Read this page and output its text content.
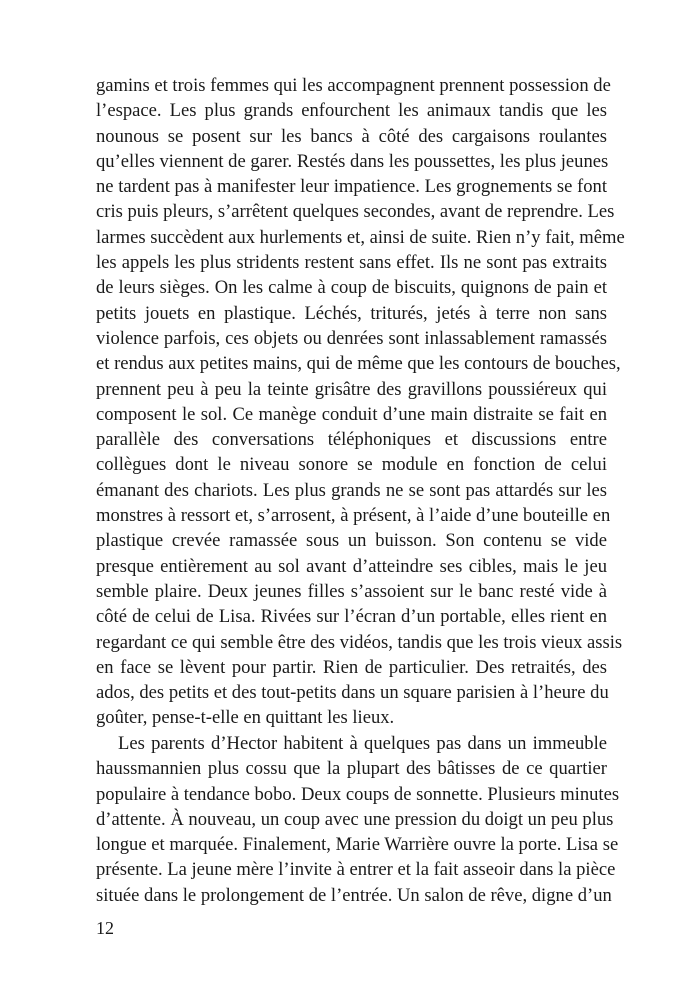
gamins et trois femmes qui les accompagnent prennent possession de
l’espace. Les plus grands enfourchent les animaux tandis que les
nounous se posent sur les bancs à côté des cargaisons roulantes
qu’elles viennent de garer. Restés dans les poussettes, les plus jeunes
ne tardent pas à manifester leur impatience. Les grognements se font
cris puis pleurs, s’arrêtent quelques secondes, avant de reprendre. Les
larmes succèdent aux hurlements et, ainsi de suite. Rien n’y fait, même
les appels les plus stridents restent sans effet. Ils ne sont pas extraits
de leurs sièges. On les calme à coup de biscuits, quignons de pain et
petits jouets en plastique. Léchés, triturés, jetés à terre non sans
violence parfois, ces objets ou denrées sont inlassablement ramassés
et rendus aux petites mains, qui de même que les contours de bouches,
prennent peu à peu la teinte grisâtre des gravillons poussiéreux qui
composent le sol. Ce manège conduit d’une main distraite se fait en
parallèle des conversations téléphoniques et discussions entre
collègues dont le niveau sonore se module en fonction de celui
émanant des chariots. Les plus grands ne se sont pas attardés sur les
monstres à ressort et, s’arrosent, à présent, à l’aide d’une bouteille en
plastique crevée ramassée sous un buisson. Son contenu se vide
presque entièrement au sol avant d’atteindre ses cibles, mais le jeu
semble plaire. Deux jeunes filles s’assoient sur le banc resté vide à
côté de celui de Lisa. Rivées sur l’écran d’un portable, elles rient en
regardant ce qui semble être des vidéos, tandis que les trois vieux assis
en face se lèvent pour partir. Rien de particulier. Des retraités, des
ados, des petits et des tout-petits dans un square parisien à l’heure du
goûter, pense-t-elle en quittant les lieux.
Les parents d’Hector habitent à quelques pas dans un immeuble
haussmannien plus cossu que la plupart des bâtisses de ce quartier
populaire à tendance bobo. Deux coups de sonnette. Plusieurs minutes
d’attente. À nouveau, un coup avec une pression du doigt un peu plus
longue et marquée. Finalement, Marie Warrière ouvre la porte. Lisa se
présente. La jeune mère l’invite à entrer et la fait asseoir dans la pièce
située dans le prolongement de l’entrée. Un salon de rêve, digne d’un
12
